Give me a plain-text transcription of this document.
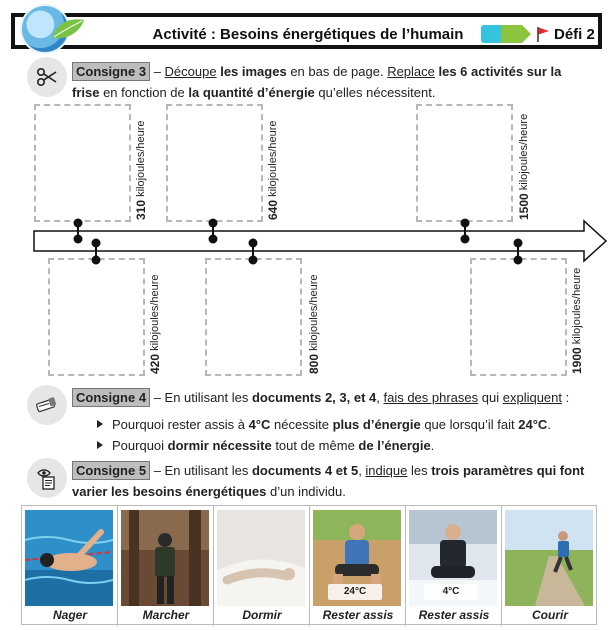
Activité : Besoins énergétiques de l’humain	Défi 2
Consigne 3 – Découpe les images en bas de page. Replace les 6 activités sur la frise en fonction de la quantité d’énergie qu’elles nécessitent.
310 kilojoules/heure
640 kilojoules/heure
1500 kilojoules/heure
420 kilojoules/heure
800 kilojoules/heure
1900 kilojoules/heure
Consigne 4 – En utilisant les documents 2, 3, et 4, fais des phrases qui expliquent :
Pourquoi rester assis à 4°C nécessite plus d’énergie que lorsqu’il fait 24°C.
Pourquoi dormir nécessite tout de même de l’énergie.
Consigne 5 – En utilisant les documents 4 et 5, indique les trois paramètres qui font varier les besoins énergétiques d’un individu.
Nager	Marcher	Dormir
24°C
Rester assis
4°C
Rester assis	Courir
